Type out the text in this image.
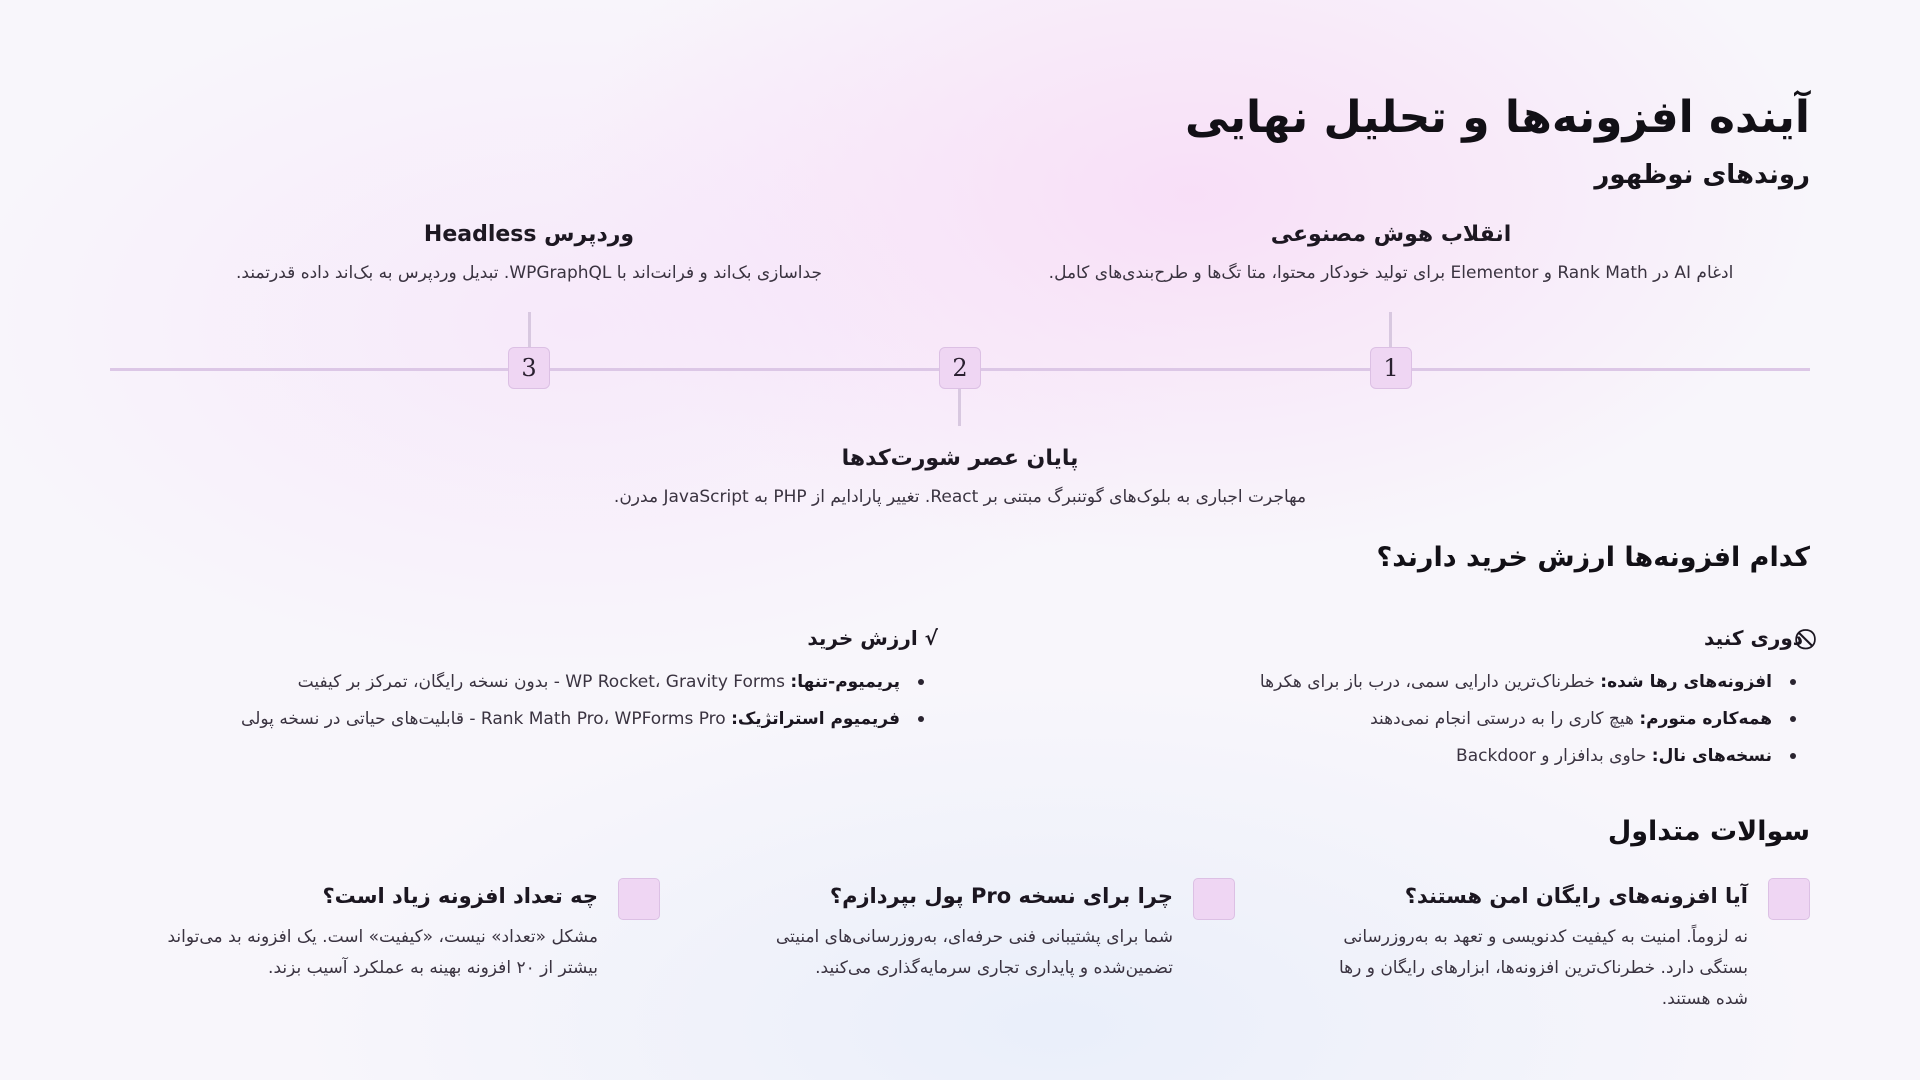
آینده افزونه‌ها و تحلیل نهایی
روندهای نوظهور
انقلاب هوش مصنوعی

ادغام AI در Rank Math و Elementor برای تولید خودکار محتوا، متا تگ‌ها و طرح‌بندی‌های کامل.

وردپرس Headless

جداسازی بک‌اند و فرانت‌اند با WPGraphQL. تبدیل وردپرس به بک‌اند داده قدرتمند.

پایان عصر شورت‌کدها

مهاجرت اجباری به بلوک‌های گوتنبرگ مبتنی بر React. تغییر پارادایم از PHP به JavaScript مدرن.

1
2
3
کدام افزونه‌ها ارزش خرید دارند؟
⃠ دوری کنید
افزونه‌های رها شده: خطرناک‌ترین دارایی سمی، درب باز برای هکرها
همه‌کاره متورم: هیچ کاری را به درستی انجام نمی‌دهند
نسخه‌های نال: حاوی بدافزار و Backdoor
√ ارزش خرید
پریمیوم-تنها: WP Rocket، Gravity Forms - بدون نسخه رایگان، تمرکز بر کیفیت
فریمیوم استراتژیک: Rank Math Pro، WPForms Pro - قابلیت‌های حیاتی در نسخه پولی
سوالات متداول
آیا افزونه‌های رایگان امن هستند؟

نه لزوماً. امنیت به کیفیت کدنویسی و تعهد به به‌روزرسانی بستگی دارد. خطرناک‌ترین افزونه‌ها، ابزارهای رایگان و رها شده هستند.

چرا برای نسخه Pro پول بپردازم؟

شما برای پشتیبانی فنی حرفه‌ای، به‌روزرسانی‌های امنیتی تضمین‌شده و پایداری تجاری سرمایه‌گذاری می‌کنید.

چه تعداد افزونه زیاد است؟

مشکل «تعداد» نیست، «کیفیت» است. یک افزونه بد می‌تواند بیشتر از ۲۰ افزونه بهینه به عملکرد آسیب بزند.
